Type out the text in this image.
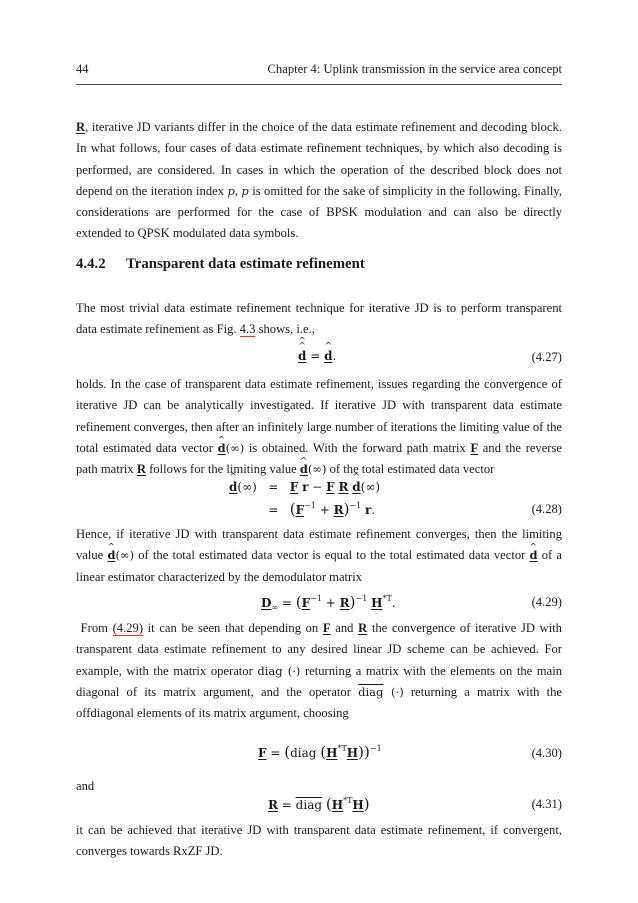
44	Chapter 4: Uplink transmission in the service area concept
R, iterative JD variants differ in the choice of the data estimate refinement and decoding block. In what follows, four cases of data estimate refinement techniques, by which also decoding is performed, are considered. In cases in which the operation of the described block does not depend on the iteration index p, p is omitted for the sake of simplicity in the following. Finally, considerations are performed for the case of BPSK modulation and can also be directly extended to QPSK modulated data symbols.
4.4.2 Transparent data estimate refinement
The most trivial data estimate refinement technique for iterative JD is to perform transparent data estimate refinement as Fig. 4.3 shows, i.e.,
^ d ^ = ^ d.	(4.27)
holds. In the case of transparent data estimate refinement, issues regarding the convergence of iterative JD can be analytically investigated. If iterative JD with transparent data estimate refinement converges, then after an infinitely large number of iterations the limiting value of the total estimated data vector ^ d(∞) is obtained. With the forward path matrix F and the reverse path matrix R follows for the limiting value ^ d(∞) of the total estimated data vector
^ d(∞)   =   F r − F R ^ d(∞)
=   $(F^{-1} + R)^{-1}$ r.	(4.28)
Hence, if iterative JD with transparent data estimate refinement converges, then the limiting value ^ d(∞) of the total estimated data vector is equal to the total estimated data vector ^ d of a linear estimator characterized by the demodulator matrix
$D_\infty = (F^{-1} + R)^{-1}$ $H^{*T}$.	(4.29)
From (4.29) it can be seen that depending on F and R the convergence of iterative JD with transparent data estimate refinement to any desired linear JD scheme can be achieved. For example, with the matrix operator diag (·) returning a matrix with the elements on the main diagonal of its matrix argument, and the operator diag (·) returning a matrix with the offdiagonal elements of its matrix argument, choosing
F = (diag $(H^{*T}H))^{-1}$	(4.30)
and
R = diag $(H^{*T}H)$	(4.31)
it can be achieved that iterative JD with transparent data estimate refinement, if convergent, converges towards RxZF JD.
